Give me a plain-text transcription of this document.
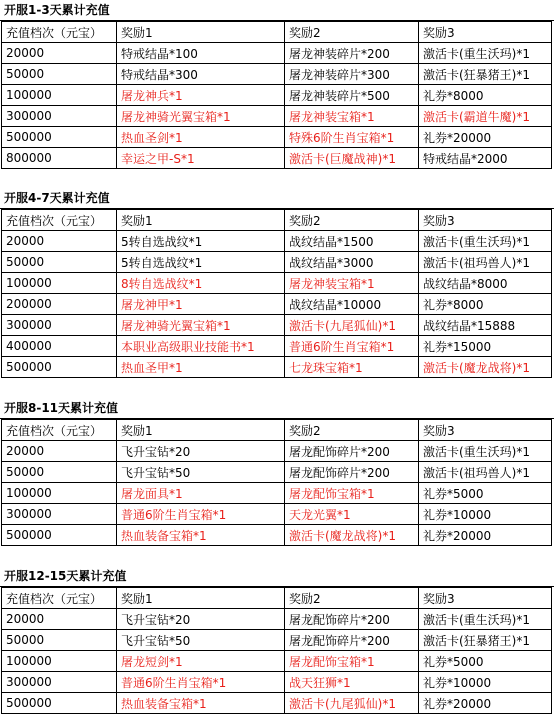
开服1-3天累计充值
充值档次（元宝）	奖励1	奖励2	奖励3
20000	特戒结晶*100	屠龙神装碎片*200	激活卡(重生沃玛)*1
50000	特戒结晶*300	屠龙神装碎片*300	激活卡(狂暴猪王)*1
100000	屠龙神兵*1	屠龙神装碎片*500	礼券*8000
300000	屠龙神骑光翼宝箱*1	屠龙神装宝箱*1	激活卡(霸道牛魔)*1
500000	热血圣剑*1	特殊6阶生肖宝箱*1	礼券*20000
800000	幸运之甲-S*1	激活卡(巨魔战神)*1	特戒结晶*2000
开服4-7天累计充值
充值档次（元宝）	奖励1	奖励2	奖励3
20000	5转自选战纹*1	战纹结晶*1500	激活卡(重生沃玛)*1
50000	5转自选战纹*1	战纹结晶*3000	激活卡(祖玛兽人)*1
100000	8转自选战纹*1	屠龙神装宝箱*1	战纹结晶*8000
200000	屠龙神甲*1	战纹结晶*10000	礼券*8000
300000	屠龙神骑光翼宝箱*1	激活卡(九尾狐仙)*1	战纹结晶*15888
400000	本职业高级职业技能书*1	普通6阶生肖宝箱*1	礼券*15000
500000	热血圣甲*1	七龙珠宝箱*1	激活卡(魔龙战将)*1
开服8-11天累计充值
充值档次（元宝）	奖励1	奖励2	奖励3
20000	飞升宝钻*20	屠龙配饰碎片*200	激活卡(重生沃玛)*1
50000	飞升宝钻*50	屠龙配饰碎片*200	激活卡(祖玛兽人)*1
100000	屠龙面具*1	屠龙配饰宝箱*1	礼券*5000
300000	普通6阶生肖宝箱*1	天龙光翼*1	礼券*10000
500000	热血装备宝箱*1	激活卡(魔龙战将)*1	礼券*20000
开服12-15天累计充值
充值档次（元宝）	奖励1	奖励2	奖励3
20000	飞升宝钻*20	屠龙配饰碎片*200	激活卡(重生沃玛)*1
50000	飞升宝钻*50	屠龙配饰碎片*200	激活卡(狂暴猪王)*1
100000	屠龙短剑*1	屠龙配饰宝箱*1	礼券*5000
300000	普通6阶生肖宝箱*1	战天狂狮*1	礼券*10000
500000	热血装备宝箱*1	激活卡(九尾狐仙)*1	礼券*20000
